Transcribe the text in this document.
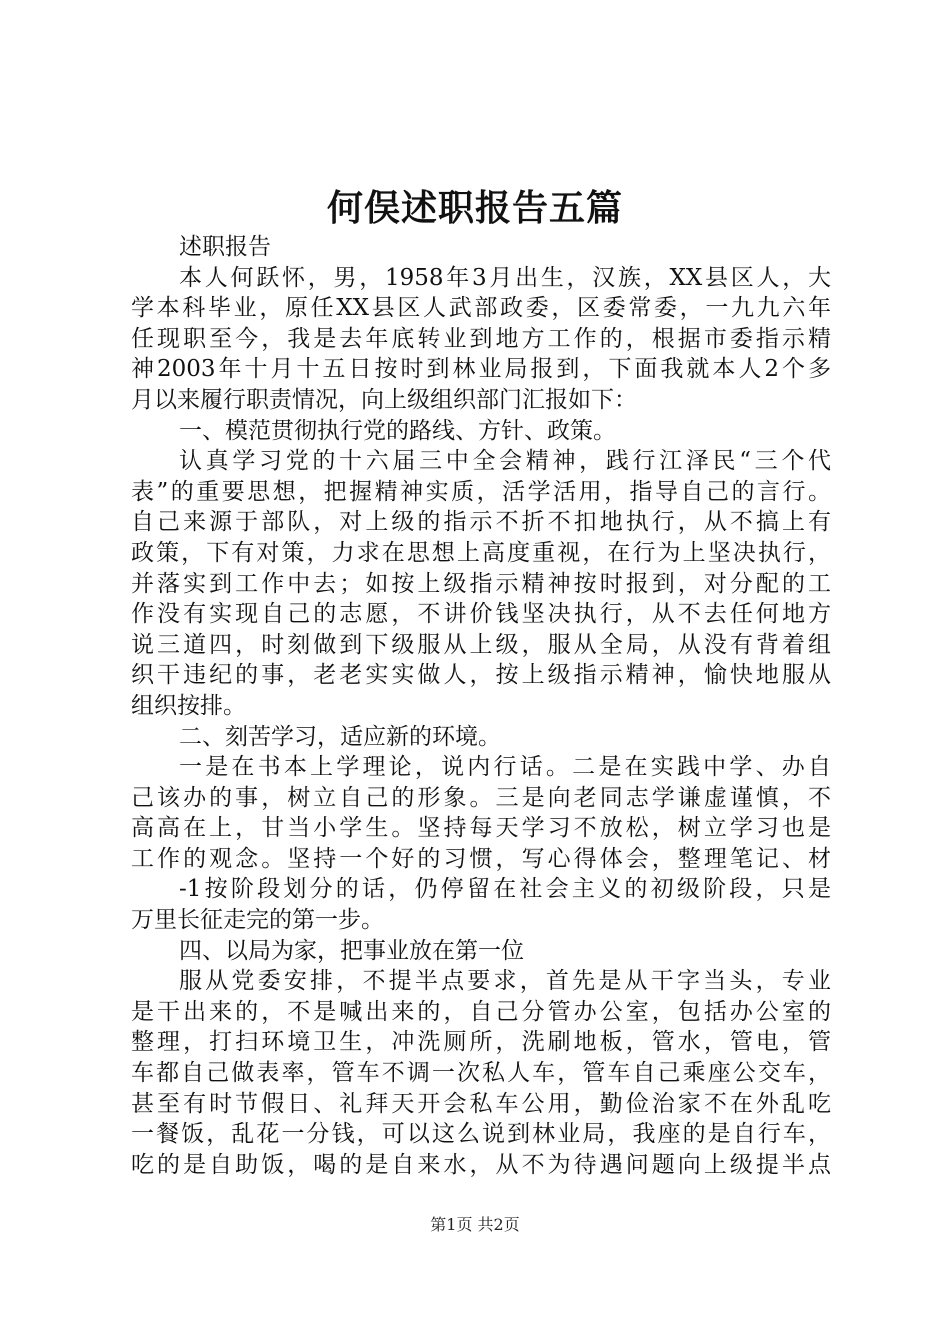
何俣述职报告五篇
述职报告
本人何跃怀，男，1958年3月出生，汉族，XX县区人，大
学本科毕业，原任XX县区人武部政委，区委常委，一九九六年
任现职至今，我是去年底转业到地方工作的，根据市委指示精
神2003年十月十五日按时到林业局报到，下面我就本人2个多
月以来履行职责情况，向上级组织部门汇报如下：
一、模范贯彻执行党的路线、方针、政策。
认真学习党的十六届三中全会精神，践行江泽民“三个代
表”的重要思想，把握精神实质，活学活用，指导自己的言行。
自己来源于部队，对上级的指示不折不扣地执行，从不搞上有
政策，下有对策，力求在思想上高度重视，在行为上坚决执行，
并落实到工作中去；如按上级指示精神按时报到，对分配的工
作没有实现自己的志愿，不讲价钱坚决执行，从不去任何地方
说三道四，时刻做到下级服从上级，服从全局，从没有背着组
织干违纪的事，老老实实做人，按上级指示精神，愉快地服从
组织按排。
二、刻苦学习，适应新的环境。
一是在书本上学理论，说内行话。二是在实践中学、办自
己该办的事，树立自己的形象。三是向老同志学谦虚谨慎，不
高高在上，甘当小学生。坚持每天学习不放松，树立学习也是
工作的观念。坚持一个好的习惯，写心得体会，整理笔记、材
-1按阶段划分的话，仍停留在社会主义的初级阶段，只是
万里长征走完的第一步。
四、以局为家，把事业放在第一位
服从党委安排，不提半点要求，首先是从干字当头，专业
是干出来的，不是喊出来的，自己分管办公室，包括办公室的
整理，打扫环境卫生，冲洗厕所，洗刷地板，管水，管电，管
车都自己做表率，管车不调一次私人车，管车自己乘座公交车，
甚至有时节假日、礼拜天开会私车公用，勤俭治家不在外乱吃
一餐饭，乱花一分钱，可以这么说到林业局，我座的是自行车，
吃的是自助饭，喝的是自来水，从不为待遇问题向上级提半点
第1页 共2页
